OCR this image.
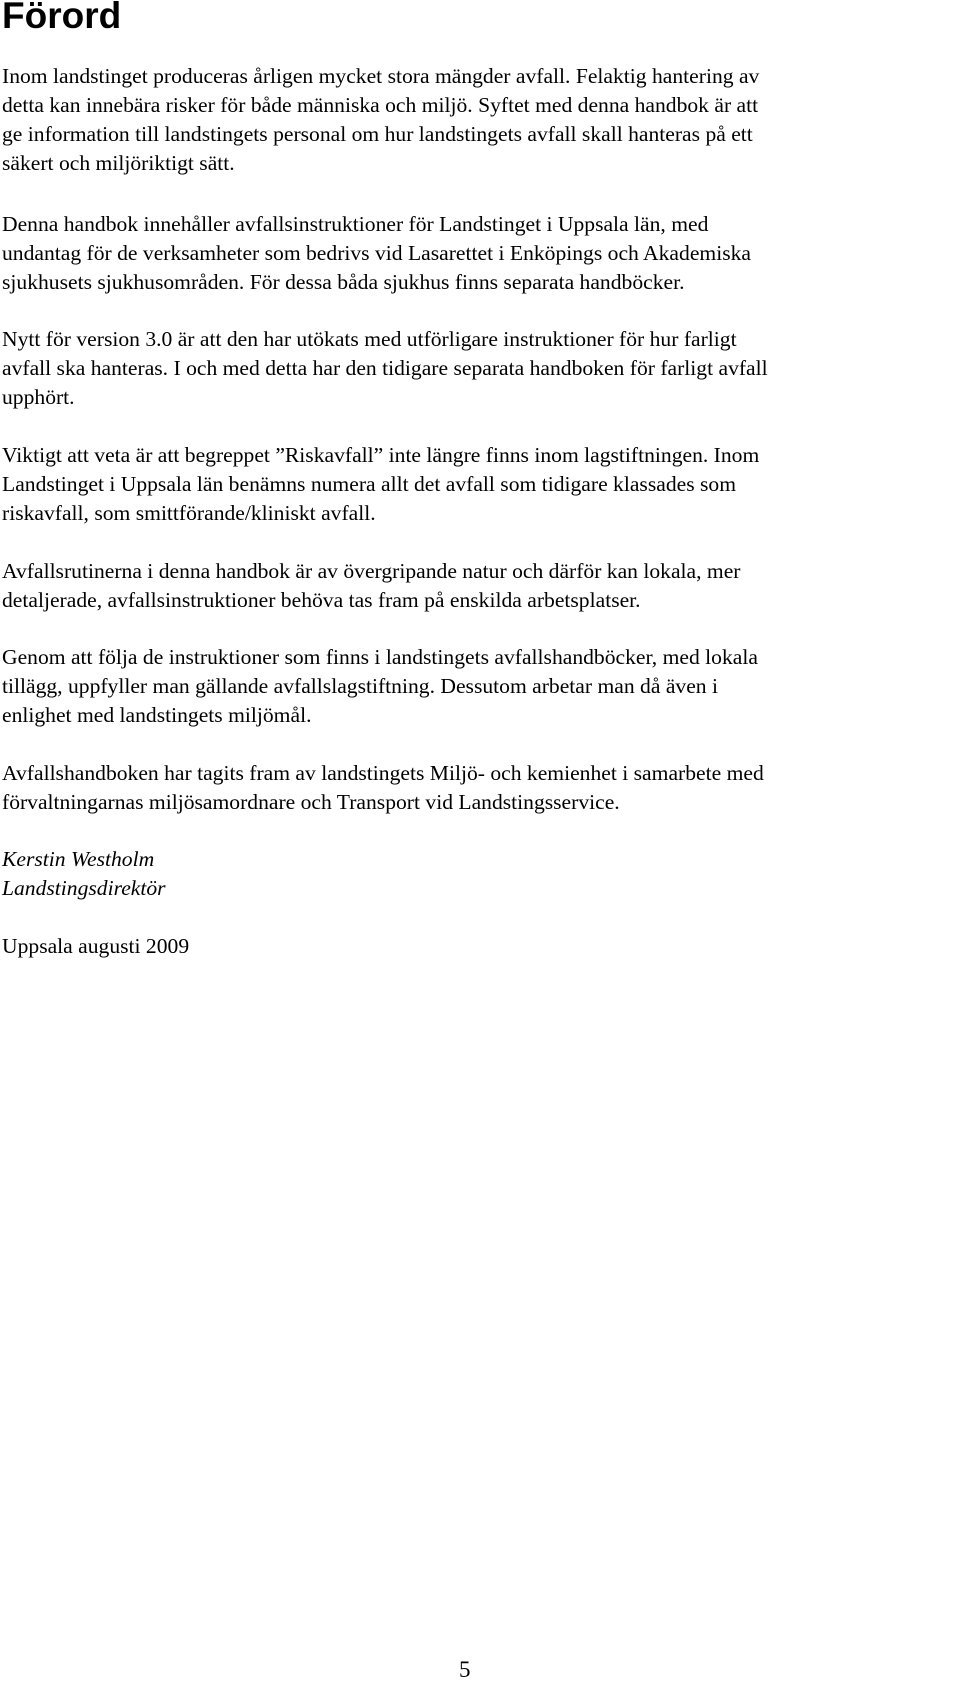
Förord

Inom landstinget produceras årligen mycket stora mängder avfall. Felaktig hantering av
detta kan innebära risker för både människa och miljö. Syftet med denna handbok är att
ge information till landstingets personal om hur landstingets avfall skall hanteras på ett
säkert och miljöriktigt sätt.

Denna handbok innehåller avfallsinstruktioner för Landstinget i Uppsala län, med
undantag för de verksamheter som bedrivs vid Lasarettet i Enköpings och Akademiska
sjukhusets sjukhusområden. För dessa båda sjukhus finns separata handböcker.

Nytt för version 3.0 är att den har utökats med utförligare instruktioner för hur farligt
avfall ska hanteras. I och med detta har den tidigare separata handboken för farligt avfall
upphört.

Viktigt att veta är att begreppet ”Riskavfall” inte längre finns inom lagstiftningen. Inom
Landstinget i Uppsala län benämns numera allt det avfall som tidigare klassades som
riskavfall, som smittförande/kliniskt avfall.

Avfallsrutinerna i denna handbok är av övergripande natur och därför kan lokala, mer
detaljerade, avfallsinstruktioner behöva tas fram på enskilda arbetsplatser.

Genom att följa de instruktioner som finns i landstingets avfallshandböcker, med lokala
tillägg, uppfyller man gällande avfallslagstiftning. Dessutom arbetar man då även i
enlighet med landstingets miljömål.

Avfallshandboken har tagits fram av landstingets Miljö- och kemienhet i samarbete med
förvaltningarnas miljösamordnare och Transport vid Landstingsservice.

Kerstin Westholm
Landstingsdirektör

Uppsala augusti 2009

5
